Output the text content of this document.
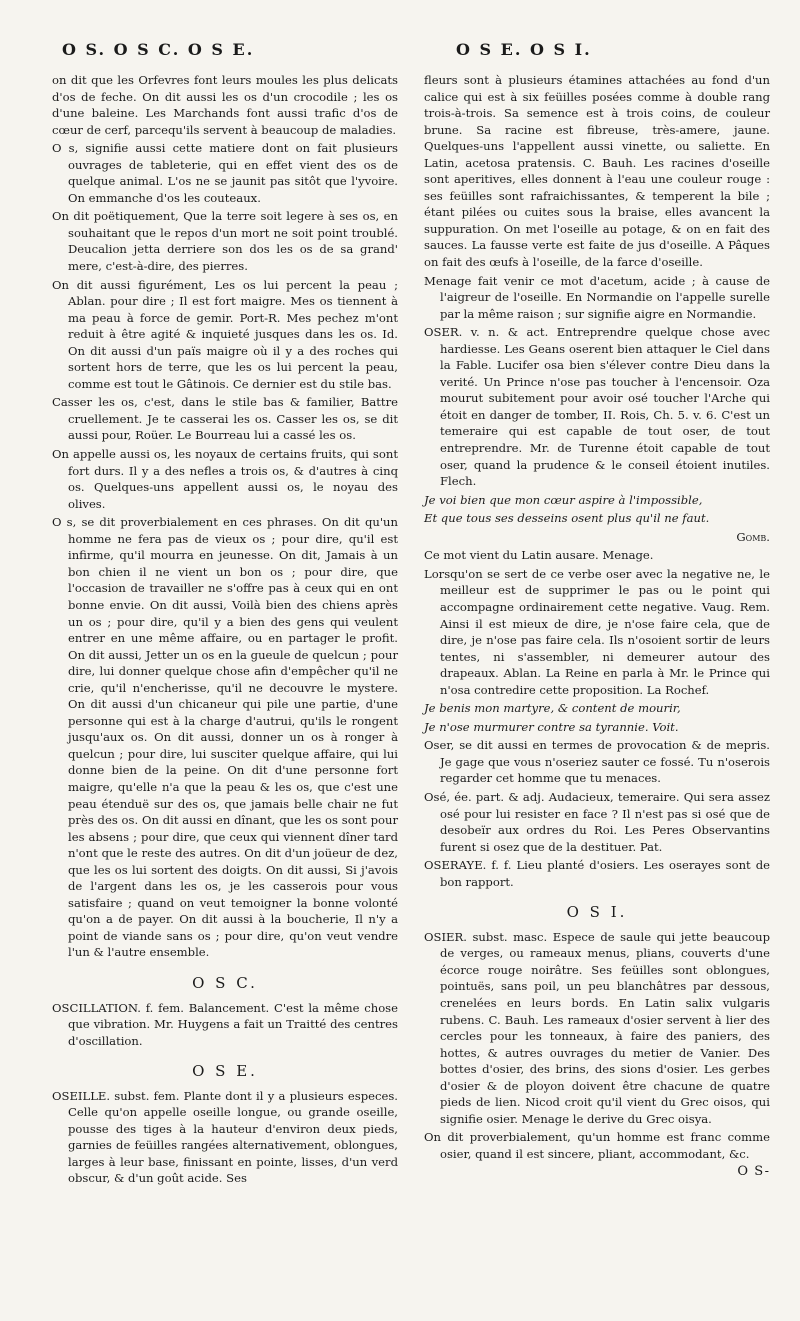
O S. O S C. O S E.	O S E. O S I.

on dit que les Orfevres font leurs moules les plus delicats d'os de feche. On dit aussi les os d'un crocodile ; les os d'une baleine. Les Marchands font aussi trafic d'os de cœur de cerf, parcequ'ils servent à beaucoup de maladies.

O s, signifie aussi cette matiere dont on fait plusieurs ouvrages de tableterie, qui en effet vient des os de quelque animal. L'os ne se jaunit pas sitôt que l'yvoire. On emmanche d'os les couteaux.

On dit poëtiquement, Que la terre soit legere à ses os, en souhaitant que le repos d'un mort ne soit point troublé. Deucalion jetta derriere son dos les os de sa grand' mere, c'est-à-dire, des pierres.

On dit aussi figurément, Les os lui percent la peau ; Ablan. pour dire ; Il est fort maigre. Mes os tiennent à ma peau à force de gemir. Port-R. Mes pechez m'ont reduit à être agité & inquieté jusques dans les os. Id. On dit aussi d'un païs maigre où il y a des roches qui sortent hors de terre, que les os lui percent la peau, comme est tout le Gâtinois. Ce dernier est du stile bas.

Casser les os, c'est, dans le stile bas & familier, Battre cruellement. Je te casserai les os. Casser les os, se dit aussi pour, Roüer. Le Bourreau lui a cassé les os.

On appelle aussi os, les noyaux de certains fruits, qui sont fort durs. Il y a des nefles a trois os, & d'autres à cinq os. Quelques-uns appellent aussi os, le noyau des olives.

O s, se dit proverbialement en ces phrases. On dit qu'un homme ne fera pas de vieux os ; pour dire, qu'il est infirme, qu'il mourra en jeunesse. On dit, Jamais à un bon chien il ne vient un bon os ; pour dire, que l'occasion de travailler ne s'offre pas à ceux qui en ont bonne envie. On dit aussi, Voilà bien des chiens après un os ; pour dire, qu'il y a bien des gens qui veulent entrer en une même affaire, ou en partager le profit. On dit aussi, Jetter un os en la gueule de quelcun ; pour dire, lui donner quelque chose afin d'empêcher qu'il ne crie, qu'il n'encherisse, qu'il ne decouvre le mystere. On dit aussi d'un chicaneur qui pile une partie, d'une personne qui est à la charge d'autrui, qu'ils le rongent jusqu'aux os. On dit aussi, donner un os à ronger à quelcun ; pour dire, lui susciter quelque affaire, qui lui donne bien de la peine. On dit d'une personne fort maigre, qu'elle n'a que la peau & les os, que c'est une peau étenduë sur des os, que jamais belle chair ne fut près des os. On dit aussi en dînant, que les os sont pour les absens ; pour dire, que ceux qui viennent dîner tard n'ont que le reste des autres. On dit d'un joüeur de dez, que les os lui sortent des doigts. On dit aussi, Si j'avois de l'argent dans les os, je les casserois pour vous satisfaire ; quand on veut temoigner la bonne volonté qu'on a de payer. On dit aussi à la boucherie, Il n'y a point de viande sans os ; pour dire, qu'on veut vendre l'un & l'autre ensemble.

O S C.

OSCILLATION. f. fem. Balancement. C'est la même chose que vibration. Mr. Huygens a fait un Traitté des centres d'oscillation.

O S E.

OSEILLE. subst. fem. Plante dont il y a plusieurs especes. Celle qu'on appelle oseille longue, ou grande oseille, pousse des tiges à la hauteur d'environ deux pieds, garnies de feüilles rangées alternativement, oblongues, larges à leur base, finissant en pointe, lisses, d'un verd obscur, & d'un goût acide. Ses

fleurs sont à plusieurs étamines attachées au fond d'un calice qui est à six feüilles posées comme à double rang trois-à-trois. Sa semence est à trois coins, de couleur brune. Sa racine est fibreuse, très-amere, jaune. Quelques-uns l'appellent aussi vinette, ou saliette. En Latin, acetosa pratensis. C. Bauh. Les racines d'oseille sont aperitives, elles donnent à l'eau une couleur rouge : ses feüilles sont rafraichissantes, & temperent la bile ; étant pilées ou cuites sous la braise, elles avancent la suppuration. On met l'oseille au potage, & on en fait des sauces. La fausse verte est faite de jus d'oseille. A Pâques on fait des œufs à l'oseille, de la farce d'oseille.

Menage fait venir ce mot d'acetum, acide ; à cause de l'aigreur de l'oseille. En Normandie on l'appelle surelle par la même raison ; sur signifie aigre en Normandie.

OSER. v. n. & act. Entreprendre quelque chose avec hardiesse. Les Geans oserent bien attaquer le Ciel dans la Fable. Lucifer osa bien s'élever contre Dieu dans la verité. Un Prince n'ose pas toucher à l'encensoir. Oza mourut subitement pour avoir osé toucher l'Arche qui étoit en danger de tomber, II. Rois, Ch. 5. v. 6. C'est un temeraire qui est capable de tout oser, de tout entreprendre. Mr. de Turenne étoit capable de tout oser, quand la prudence & le conseil étoient inutiles. Flech.

Je voi bien que mon cœur aspire à l'impossible,

Et que tous ses desseins osent plus qu'il ne faut.

Gomb.

Ce mot vient du Latin ausare. Menage.

Lorsqu'on se sert de ce verbe oser avec la negative ne, le meilleur est de supprimer le pas ou le point qui accompagne ordinairement cette negative. Vaug. Rem. Ainsi il est mieux de dire, je n'ose faire cela, que de dire, je n'ose pas faire cela. Ils n'osoient sortir de leurs tentes, ni s'assembler, ni demeurer autour des drapeaux. Ablan. La Reine en parla à Mr. le Prince qui n'osa contredire cette proposition. La Rochef.

Je benis mon martyre, & content de mourir,

Je n'ose murmurer contre sa tyrannie. Voit.

Oser, se dit aussi en termes de provocation & de mepris. Je gage que vous n'oseriez sauter ce fossé. Tu n'oserois regarder cet homme que tu menaces.

Osé, ée. part. & adj. Audacieux, temeraire. Qui sera assez osé pour lui resister en face ? Il n'est pas si osé que de desobeïr aux ordres du Roi. Les Peres Observantins furent si osez que de la destituer. Pat.

OSERAYE. f. f. Lieu planté d'osiers. Les oserayes sont de bon rapport.

O S I.

OSIER. subst. masc. Espece de saule qui jette beaucoup de verges, ou rameaux menus, plians, couverts d'une écorce rouge noirâtre. Ses feüilles sont oblongues, pointuës, sans poil, un peu blanchâtres par dessous, crenelées en leurs bords. En Latin salix vulgaris rubens. C. Bauh. Les rameaux d'osier servent à lier des cercles pour les tonneaux, à faire des paniers, des hottes, & autres ouvrages du metier de Vanier. Des bottes d'osier, des brins, des sions d'osier. Les gerbes d'osier & de ployon doivent être chacune de quatre pieds de lien. Nicod croit qu'il vient du Grec oisos, qui signifie osier. Menage le derive du Grec oisya.

On dit proverbialement, qu'un homme est franc comme osier, quand il est sincere, pliant, accommodant, &c.

O S-
